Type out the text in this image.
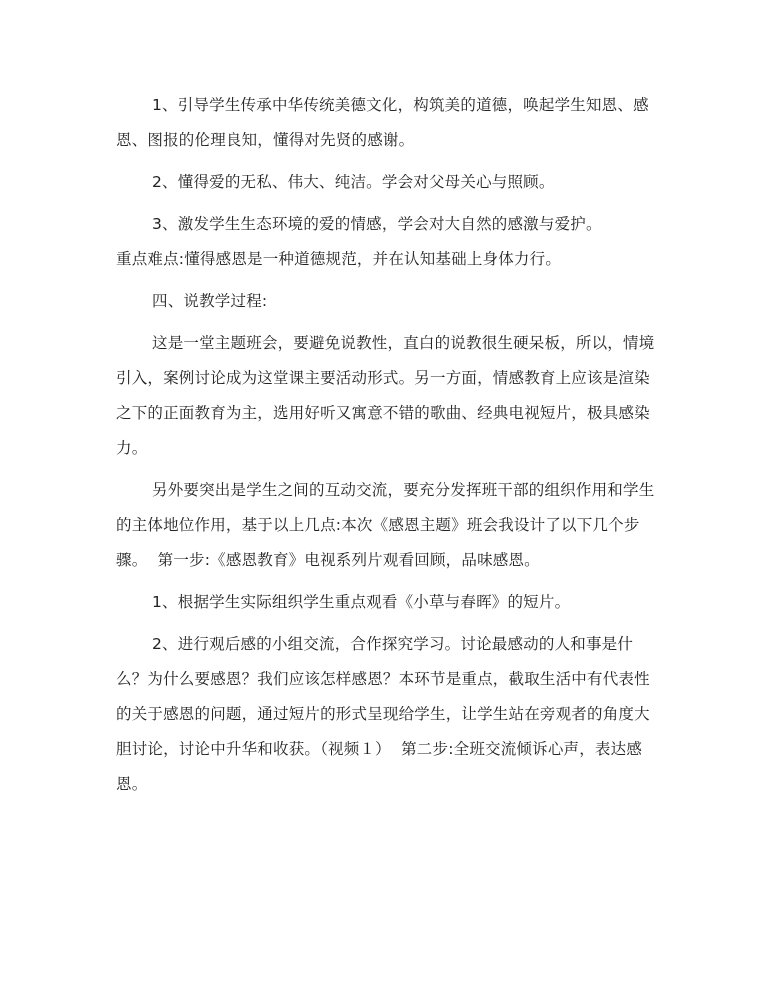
1、引导学生传承中华传统美德文化，构筑美的道德，唤起学生知恩、感恩、图报的伦理良知，懂得对先贤的感谢。

2、懂得爱的无私、伟大、纯洁。学会对父母关心与照顾。

3、激发学生生态环境的爱的情感，学会对大自然的感激与爱护。

重点难点:懂得感恩是一种道德规范，并在认知基础上身体力行。

四、说教学过程:

这是一堂主题班会，要避免说教性，直白的说教很生硬呆板，所以，情境引入，案例讨论成为这堂课主要活动形式。另一方面，情感教育上应该是渲染之下的正面教育为主，选用好听又寓意不错的歌曲、经典电视短片，极具感染力。

另外要突出是学生之间的互动交流，要充分发挥班干部的组织作用和学生的主体地位作用，基于以上几点:本次《感恩主题》班会我设计了以下几个步骤。  第一步:《感恩教育》电视系列片观看回顾，品味感恩。

1、根据学生实际组织学生重点观看《小草与春晖》的短片。

2、进行观后感的小组交流，合作探究学习。讨论最感动的人和事是什么？为什么要感恩？我们应该怎样感恩？本环节是重点，截取生活中有代表性的关于感恩的问题，通过短片的形式呈现给学生，让学生站在旁观者的角度大胆讨论，讨论中升华和收获。（视频１）  第二步:全班交流倾诉心声，表达感恩。
